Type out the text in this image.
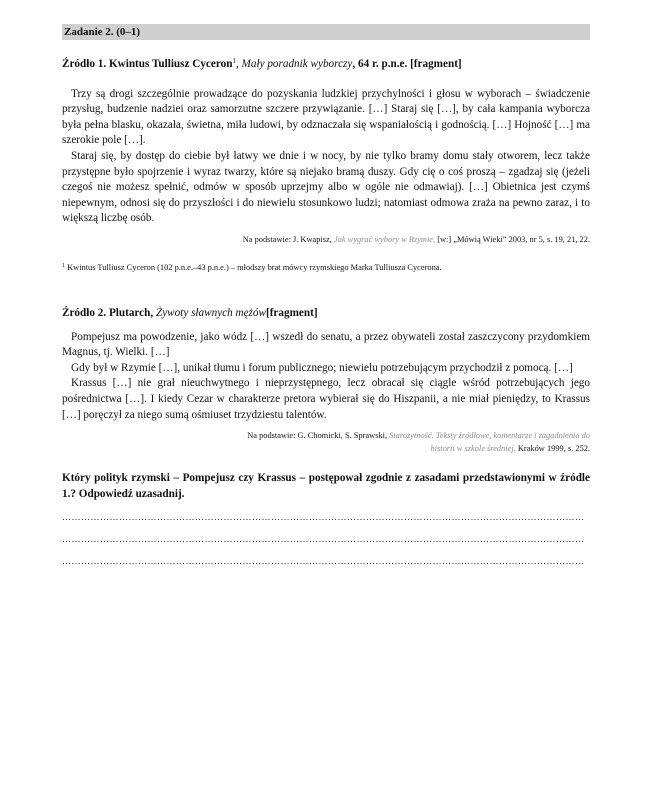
Zadanie 2. (0–1)
Źródło 1. Kwintus Tulliusz Cyceron$^1$, Mały poradnik wyborczy, 64 r. p.n.e. [fragment]

Trzy są drogi szczególnie prowadzące do pozyskania ludzkiej przychylności i głosu w wyborach – świadczenie przysług, budzenie nadziei oraz samorzutne szczere przywiązanie. […] Staraj się […], by cała kampania wyborcza była pełna blasku, okazała, świetna, miła ludowi, by odznaczała się wspaniałością i godnością. […] Hojność […] ma szerokie pole […].

Staraj się, by dostęp do ciebie był łatwy we dnie i w nocy, by nie tylko bramy domu stały otworem, lecz także przystępne było spojrzenie i wyraz twarzy, które są niejako bramą duszy. Gdy cię o coś proszą – zgadzaj się (jeżeli czegoś nie możesz spełnić, odmów w sposób uprzejmy albo w ogóle nie odmawiaj). […] Obietnica jest czymś niepewnym, odnosi się do przyszłości i do niewielu stosunkowo ludzi; natomiast odmowa zraża na pewno zaraz, i to większą liczbę osób.

Na podstawie: J. Kwapisz, Jak wygrać wybory w Rzymie, [w:] „Mówią Wieki” 2003, nr 5, s. 19, 21, 22.
$^1$ Kwintus Tulliusz Cyceron (102 p.n.e.–43 p.n.e.) – młodszy brat mówcy rzymskiego Marka Tulliusza Cycerona.
Źródło 2. Plutarch, Żywoty sławnych mężów[fragment]

Pompejusz ma powodzenie, jako wódz […] wszedł do senatu, a przez obywateli został zaszczycony przydomkiem Magnus, tj. Wielki. […]

Gdy był w Rzymie […], unikał tłumu i forum publicznego; niewielu potrzebującym przychodził z pomocą. […]

Krassus […] nie grał nieuchwytnego i nieprzystępnego, lecz obracał się ciągle wśród potrzebujących jego pośrednictwa […]. I kiedy Cezar w charakterze pretora wybierał się do Hiszpanii, a nie miał pieniędzy, to Krassus […] poręczył za niego sumą ośmiuset trzydziestu talentów.

Na podstawie: G. Chomicki, S. Sprawski, Starożytność. Teksty źródłowe, komentarze i zagadnienia do
historii w szkole średniej, Kraków 1999, s. 252.
Który polityk rzymski – Pompejusz czy Krassus – postępował zgodnie z zasadami przedstawionymi w źródle 1.? Odpowiedź uzasadnij.
…………………………………………………………………………………………………………………………………………………
…………………………………………………………………………………………………………………………………………………
…………………………………………………………………………………………………………………………………………………
